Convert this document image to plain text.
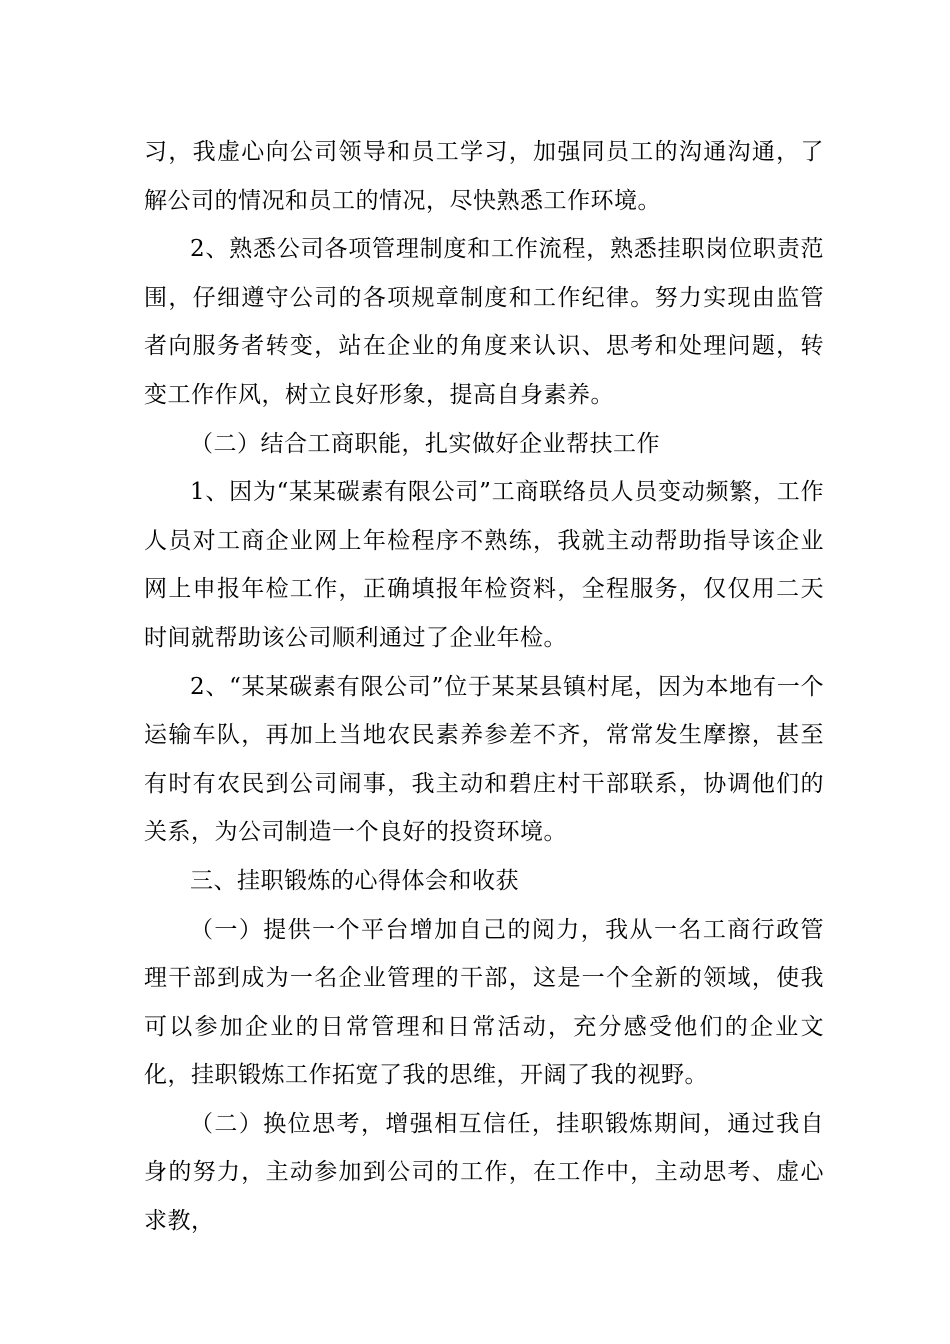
习，我虚心向公司领导和员工学习，加强同员工的沟通沟通，了解公司的情况和员工的情况，尽快熟悉工作环境。

2、熟悉公司各项管理制度和工作流程，熟悉挂职岗位职责范围，仔细遵守公司的各项规章制度和工作纪律。努力实现由监管者向服务者转变，站在企业的角度来认识、思考和处理问题，转变工作作风，树立良好形象，提高自身素养。

（二）结合工商职能，扎实做好企业帮扶工作

1、因为“某某碳素有限公司”工商联络员人员变动频繁，工作人员对工商企业网上年检程序不熟练，我就主动帮助指导该企业网上申报年检工作，正确填报年检资料，全程服务，仅仅用二天时间就帮助该公司顺利通过了企业年检。

2、“某某碳素有限公司”位于某某县镇村尾，因为本地有一个运输车队，再加上当地农民素养参差不齐，常常发生摩擦，甚至有时有农民到公司闹事，我主动和碧庄村干部联系，协调他们的关系，为公司制造一个良好的投资环境。

三、挂职锻炼的心得体会和收获

（一）提供一个平台增加自己的阅力，我从一名工商行政管理干部到成为一名企业管理的干部，这是一个全新的领域，使我可以参加企业的日常管理和日常活动，充分感受他们的企业文化，挂职锻炼工作拓宽了我的思维，开阔了我的视野。

（二）换位思考，增强相互信任，挂职锻炼期间，通过我自身的努力，主动参加到公司的工作，在工作中，主动思考、虚心求教，
